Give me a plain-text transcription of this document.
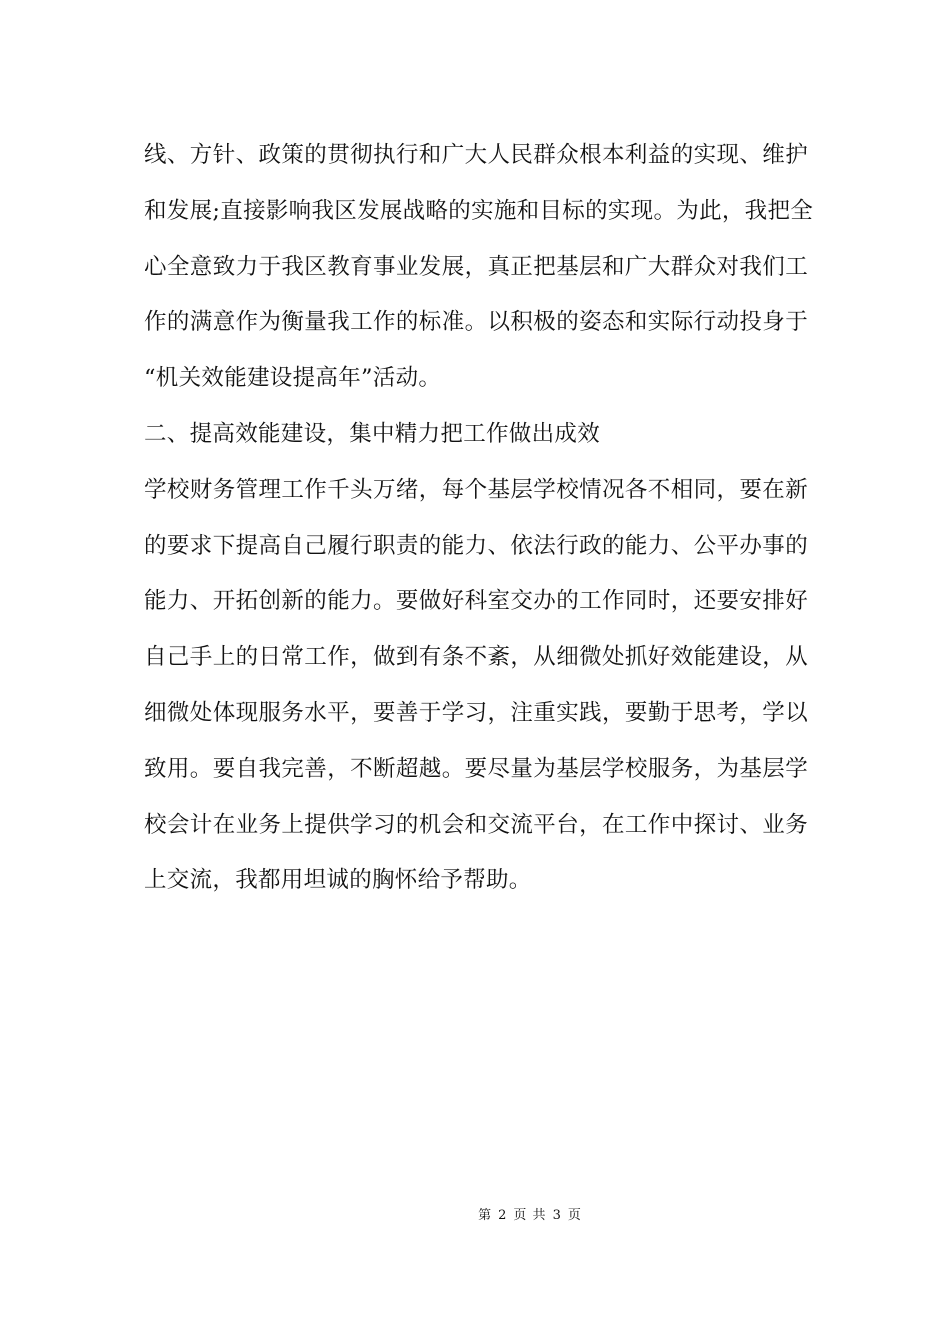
线、方针、政策的贯彻执行和广大人民群众根本利益的实现、维护
和发展;直接影响我区发展战略的实施和目标的实现。为此，我把全
心全意致力于我区教育事业发展，真正把基层和广大群众对我们工
作的满意作为衡量我工作的标准。以积极的姿态和实际行动投身于
“机关效能建设提高年”活动。
二、提高效能建设，集中精力把工作做出成效
学校财务管理工作千头万绪，每个基层学校情况各不相同，要在新
的要求下提高自己履行职责的能力、依法行政的能力、公平办事的
能力、开拓创新的能力。要做好科室交办的工作同时，还要安排好
自己手上的日常工作，做到有条不紊，从细微处抓好效能建设，从
细微处体现服务水平，要善于学习，注重实践，要勤于思考，学以
致用。要自我完善，不断超越。要尽量为基层学校服务，为基层学
校会计在业务上提供学习的机会和交流平台，在工作中探讨、业务
上交流，我都用坦诚的胸怀给予帮助。
第 2 页 共 3 页
